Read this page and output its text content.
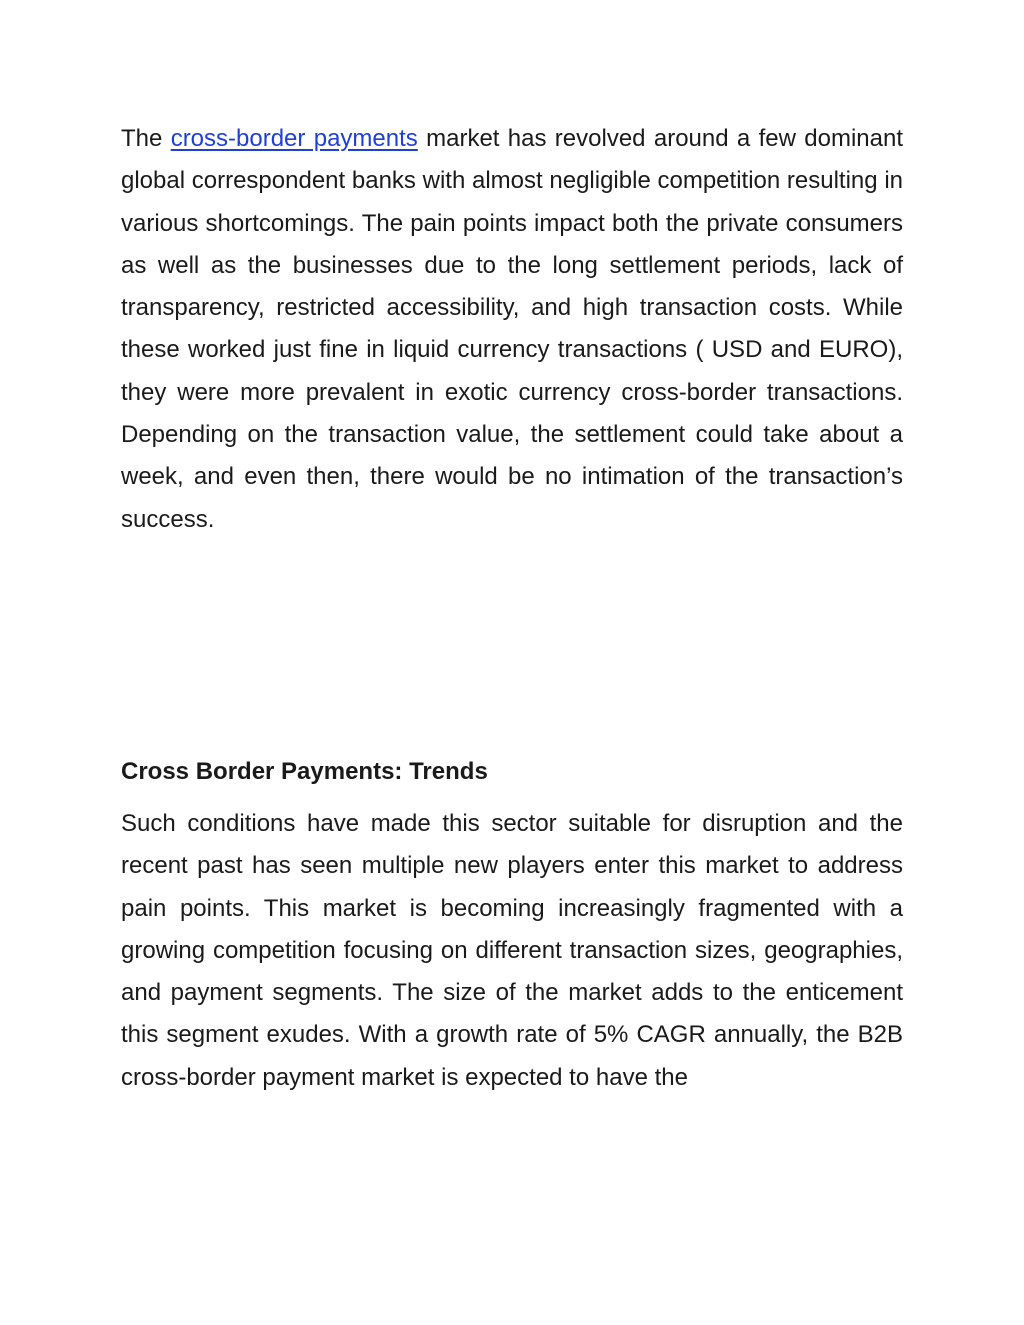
The cross-border payments market has revolved around a few dominant global correspondent banks with almost negligible competition resulting in various shortcomings. The pain points impact both the private consumers as well as the businesses due to the long settlement periods, lack of transparency, restricted accessibility, and high transaction costs. While these worked just fine in liquid currency transactions ( USD and EURO), they were more prevalent in exotic currency cross-border transactions. Depending on the transaction value, the settlement could take about a week, and even then, there would be no intimation of the transaction’s success.

Cross Border Payments: Trends

Such conditions have made this sector suitable for disruption and the recent past has seen multiple new players enter this market to address pain points. This market is becoming increasingly fragmented with a growing competition focusing on different transaction sizes, geographies, and payment segments. The size of the market adds to the enticement this segment exudes. With a growth rate of 5% CAGR annually, the B2B cross-border payment market is expected to have the
